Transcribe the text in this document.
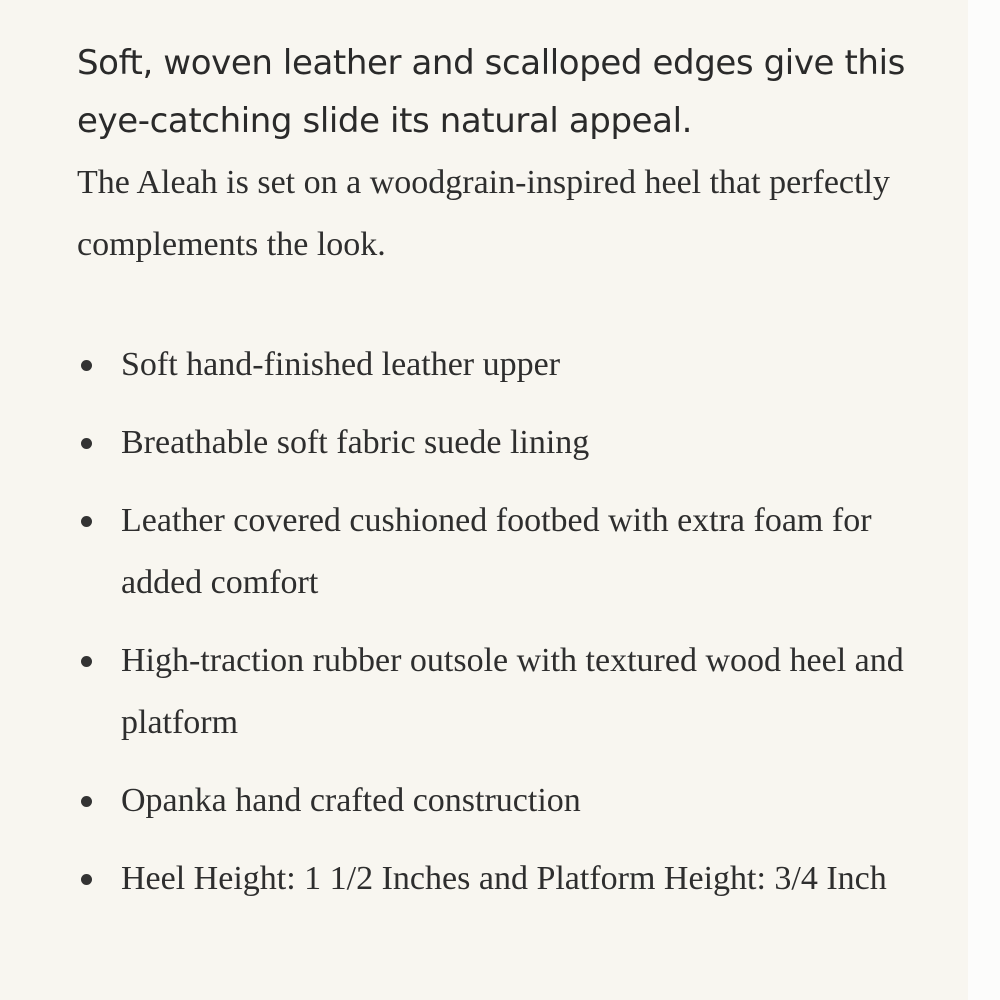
Soft, woven leather and scalloped edges give this eye-catching slide its natural appeal.

The Aleah is set on a woodgrain-inspired heel that perfectly complements the look.

Soft hand-finished leather upper
Breathable soft fabric suede lining
Leather covered cushioned footbed with extra foam for added comfort
High-traction rubber outsole with textured wood heel and platform
Opanka hand crafted construction
Heel Height: 1 1/2 Inches and Platform Height: 3/4 Inch
